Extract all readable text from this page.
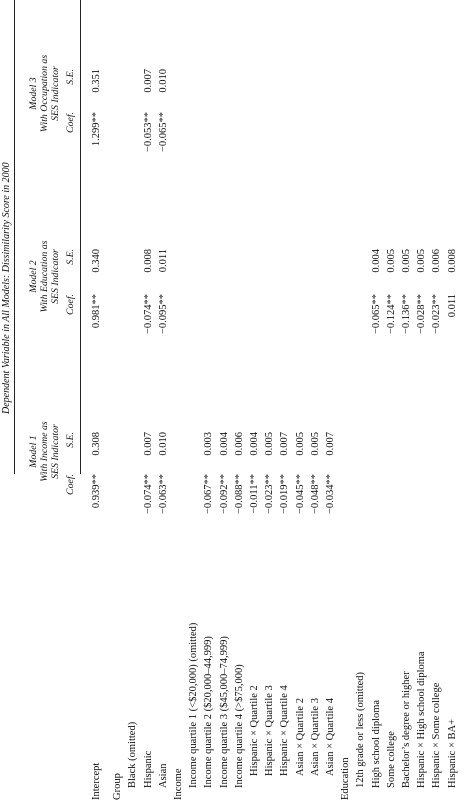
Dependent Variable in All Models: Dissimilarity Score in 2000
Model 1 With Income as SES Indicator
Model 2 With Education as SES Indicator
Model 3 With Occupation as SES Indicator
Coef.
S.E.
Coef.
S.E.
Coef.
S.E.
Intercept
0.939**
0.308
0.981**
0.340
1.299**
0.351
Group Black (omitted) Hispanic
−0.074**
0.007
−0.074**
0.008
−0.053**
0.007
Asian
−0.063**
0.010
−0.095**
0.011
−0.065**
0.010
Income Income quartile 1 (<$20,000) (omitted) Income quartile 2 ($20,000–44,999)
−0.067**
0.003
Income quartile 3 ($45,000–74,999)
−0.092**
0.004
Income quartile 4 (>$75,000)
−0.088**
0.006
Hispanic × Quartile 2
−0.011**
0.004
Hispanic × Quartile 3
−0.023**
0.005
Hispanic × Quartile 4
−0.019**
0.007
Asian × Quartile 2
−0.045**
0.005
Asian × Quartile 3
−0.048**
0.005
Asian × Quartile 4
−0.034**
0.007
Education 12th grade or less (omitted) High school diploma
−0.065**
0.004
Some college
−0.124**
0.005
Bachelor’s degree or higher
−0.136**
0.005
Hispanic × High school diploma
−0.028**
0.005
Hispanic × Some college
−0.023**
0.006
Hispanic × BA+
0.011
0.008
